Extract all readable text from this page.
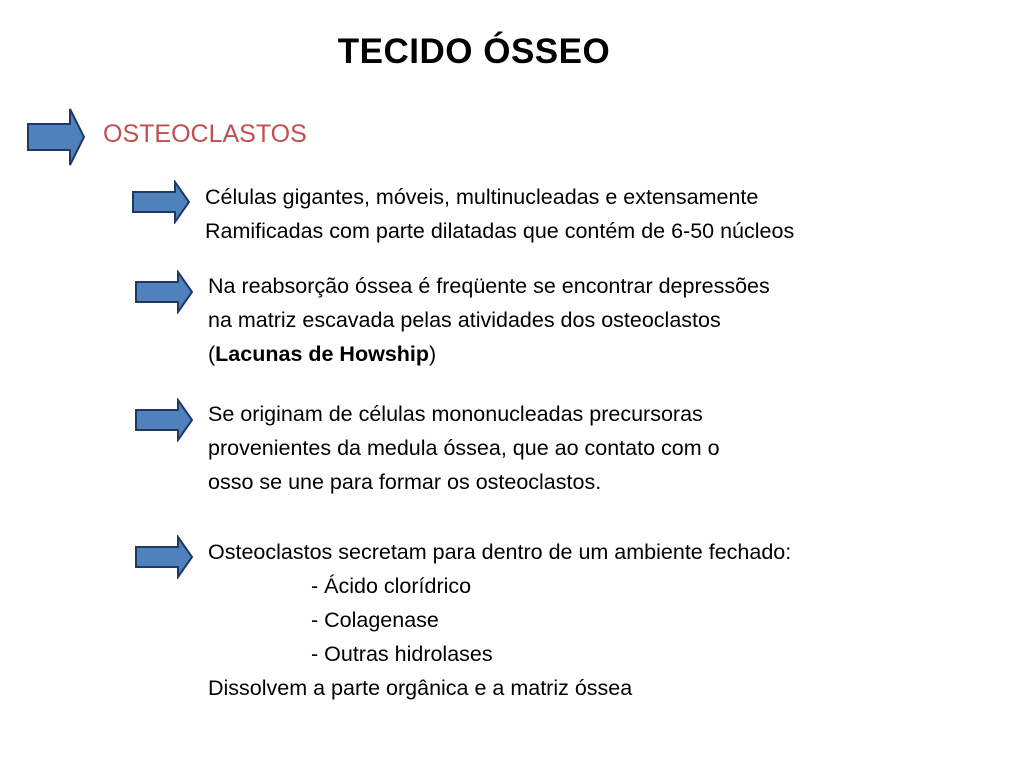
TECIDO ÓSSEO
OSTEOCLASTOS
Células gigantes, móveis, multinucleadas e extensamente
Ramificadas com parte dilatadas que contém de 6-50 núcleos
Na reabsorção óssea é freqüente se encontrar depressões
na matriz escavada pelas atividades dos osteoclastos
(Lacunas de Howship)
Se originam de células mononucleadas precursoras
provenientes da medula óssea, que ao contato com o
osso se une para formar os osteoclastos.
Osteoclastos secretam para dentro de um ambiente fechado:
- Ácido clorídrico
- Colagenase
- Outras hidrolases
Dissolvem a parte orgânica e a matriz óssea
